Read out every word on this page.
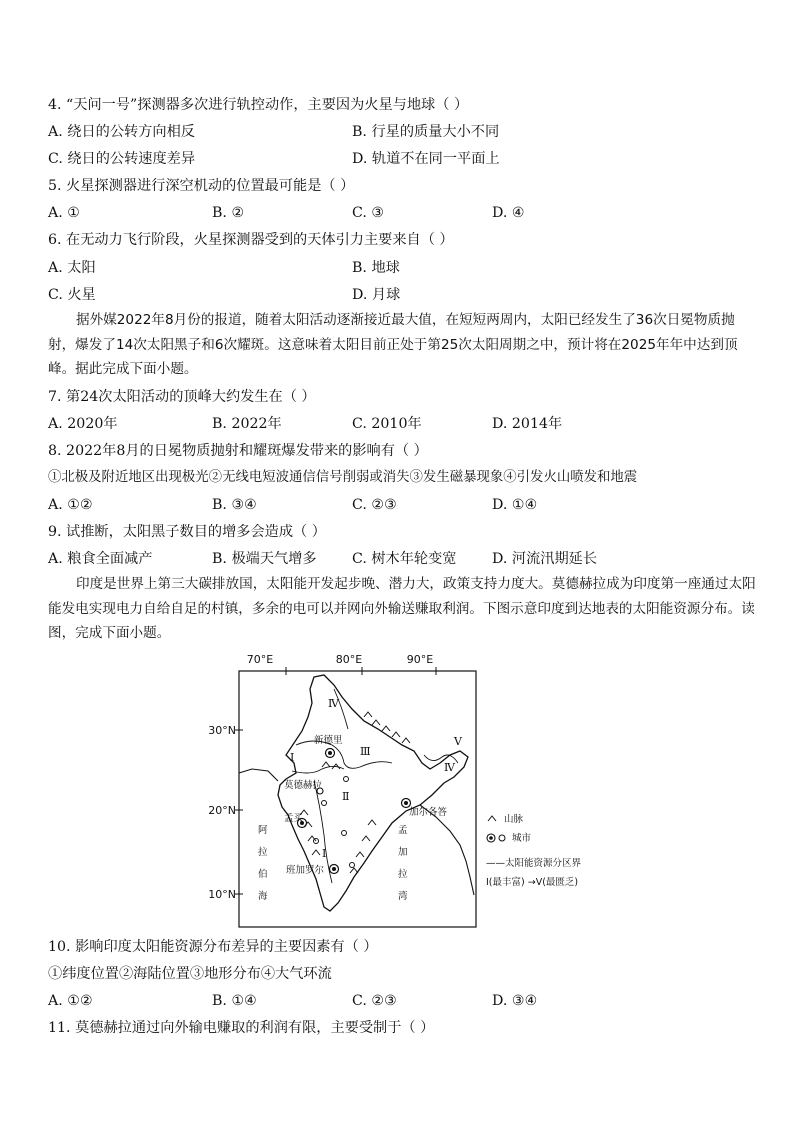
4. “天问一号”探测器多次进行轨控动作，主要因为火星与地球（ ）
A. 绕日的公转方向相反	B. 行星的质量大小不同
C. 绕日的公转速度差异	D. 轨道不在同一平面上
5. 火星探测器进行深空机动的位置最可能是（ ）
A. ①	B. ②	C. ③	D. ④
6. 在无动力飞行阶段，火星探测器受到的天体引力主要来自（ ）
A. 太阳	B. 地球
C. 火星	D. 月球
据外媒2022年8月份的报道，随着太阳活动逐渐接近最大值，在短短两周内，太阳已经发生了36次日冕物质抛射，爆发了14次太阳黑子和6次耀斑。这意味着太阳目前正处于第25次太阳周期之中，预计将在2025年年中达到顶峰。据此完成下面小题。
7. 第24次太阳活动的顶峰大约发生在（ ）
A. 2020年	B. 2022年	C. 2010年	D. 2014年
8. 2022年8月的日冕物质抛射和耀斑爆发带来的影响有（ ）
①北极及附近地区出现极光②无线电短波通信信号削弱或消失③发生磁暴现象④引发火山喷发和地震
A. ①②	B. ③④	C. ②③	D. ①④
9. 试推断，太阳黑子数目的增多会造成（ ）
A. 粮食全面减产	B. 极端天气增多 C. 树木年轮变宽	D. 河流汛期延长
印度是世界上第三大碳排放国，太阳能开发起步晚、潜力大，政策支持力度大。莫德赫拉成为印度第一座通过太阳能发电实现电力自给自足的村镇，多余的电可以并网向外输送赚取利润。下图示意印度到达地表的太阳能资源分布。读图，完成下面小题。
70°E	80°E	90°E
30°N
20°N
10°N
Ⅳ
Ⅰ	Ⅲ
Ⅱ
Ⅰ
Ⅴ
Ⅳ
新德里
莫德赫拉
孟买
加尔各答
班加罗尔
阿
拉
伯
海
孟
加
拉
湾
山脉
城市
——太阳能资源分区界
Ⅰ(最丰富) →Ⅴ(最匮乏)
10. 影响印度太阳能资源分布差异的主要因素有（ ）
①纬度位置②海陆位置③地形分布④大气环流
A. ①②	B. ①④	C. ②③	D. ③④
11. 莫德赫拉通过向外输电赚取的利润有限，主要受制于（ ）
